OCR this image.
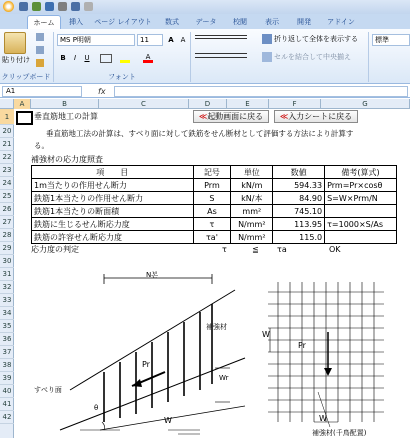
ホーム	挿入	ページ レイアウト	数式	データ	校閲	表示	開発	アドイン
貼り付け
クリップボード
MS P明朝	11	A A
B	I	U	A
フォント
折り返して全体を表示する
セルを結合して中央揃え
標準
A1	fx
A	B	C	D	E	F	G
1
20
21
22
23
24
25
26
27
28
29
30
31
32
33
34
35
36
37
38
39
40
41
42
垂直筋地工の計算	≪起動画面に戻る	≪入力シートに戻る
垂直筋地工法の計算は、すべり面に対して鉄筋をせん断材として評価する方法により計算す
る。
補強材の応力度照査
項　　目	記号	単位	数値	備考(算式)
1m当たりの作用せん断力	Prm	kN/m	594.33	Prm=Pr×cosθ
鉄筋1本当たりの作用せん断力	S	kN/本	84.90	S=W×Prm/N
鉄筋1本当たりの断面積	As	mm²	745.10	
鉄筋に生じるせん断応力度	τ	N/mm²	113.95	τ=1000×S/As
鉄筋の許容せん断応力度	τa'	N/mm²	115.0	
応力度の判定	τ	≦ τa	OK
N본
補強材
Pr
すべり面
θ
Wr
W
W
Pr
W
補強材(千鳥配置)
